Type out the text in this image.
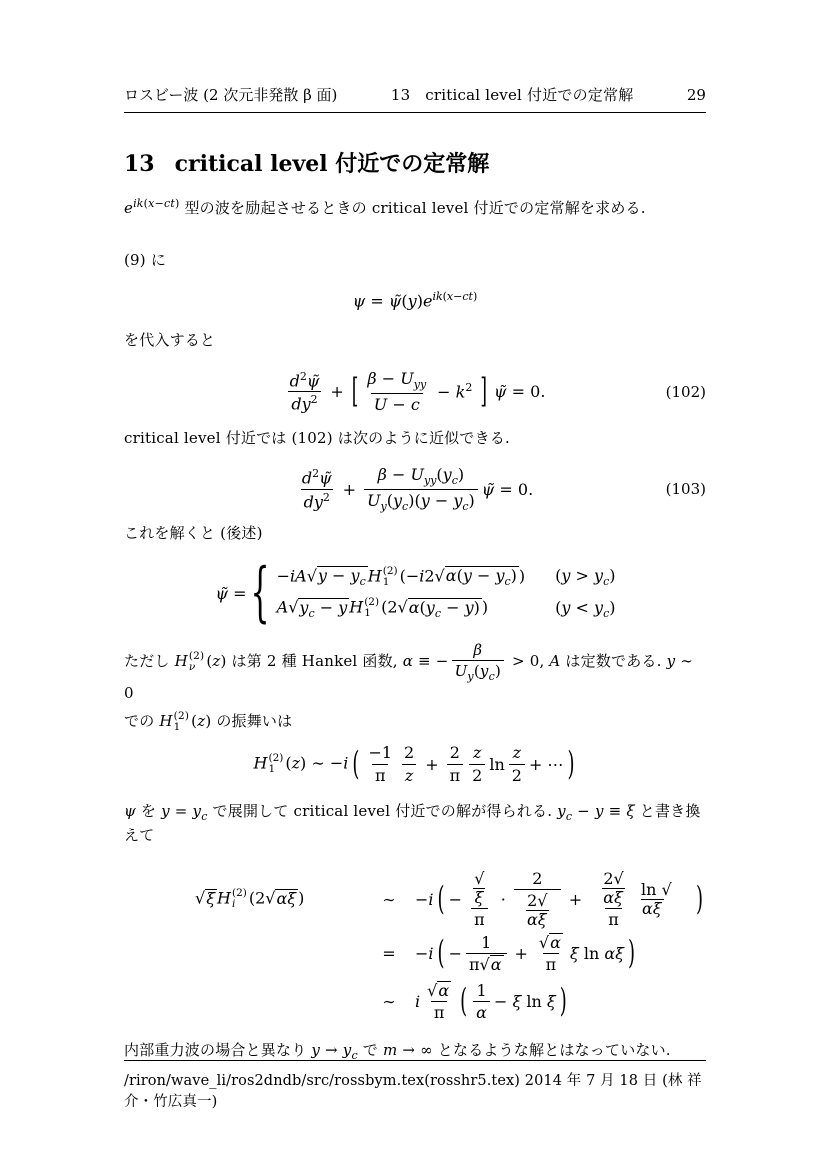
ロスビー波 (2 次元非発散 β 面)	13 critical level 付近での定常解	29
13 critical level 付近での定常解
$e^{ik(x-ct)}$ 型の波を励起させるときの critical level 付近での定常解を求める.
(9) に
$\psi = \psĩ(y)e^{ik(x-ct)}$
を代入すると
$d^2\psĩ$
$dy^2$ + [ $\beta - U_{yy}$
U − c
− $k^2$ ] ψ̃ = 0.	(102)
critical level 付近では (102) は次のように近似できる.
$d^2\psĩ$
$dy^2$ +
$\beta - U_{yy}(y_c)$
$U_y(y_c)(y - y_c)$
ψ̃ = 0.	(103)
これを解くと (後述)
ψ̃ = { $-iA√y - y_c$ H (2)
1 ($-i2√\alpha(y - y_c)$ ) $(y > y_c)$
$A√y_c - y$ H (2)
1 ($2√\alpha(y_c - y)$ )	$(y < y_c)$
ただし H (2)
ν (z) は第 2 種 Hankel 函数, α ≡ − $\frac{\beta}{U_y(y_c)} > 0$, A は定数である. y ∼ 0
での H (2)
1 (z) の振舞いは
H (2)
1 (z) ∼ −i ( −1
π
2
z
+ $\frac{2}{\pi}$ z
2
ln
z
2
+ ⋯ )
ψ を $y = y_c$ で展開して critical level 付近での解が得られる. $y_c - y \equiv \xi$ と書き換えて
√ξ H (2)
i (2√αξ )	∼	−i ( − $\frac{√\xi}{\pi}$ ·
2
2√αξ
+ $\frac{2√\alpha\xi}{\pi}$ ln √αξ	)
=	−i ( − $\frac{1}{\pi√\alpha} + \frac{√\alpha}{\pi}$ ξ ln αξ )
∼	i
√α
π ( 1
α
− ξ ln ξ )
内部重力波の場合と異なり $y \to y_c$ で m → ∞ となるような解とはなっていない.
/riron/wave_li/ros2dndb/src/rossbym.tex(rosshr5.tex) 2014 年 7 月 18 日 (林 祥介・竹広真一)
